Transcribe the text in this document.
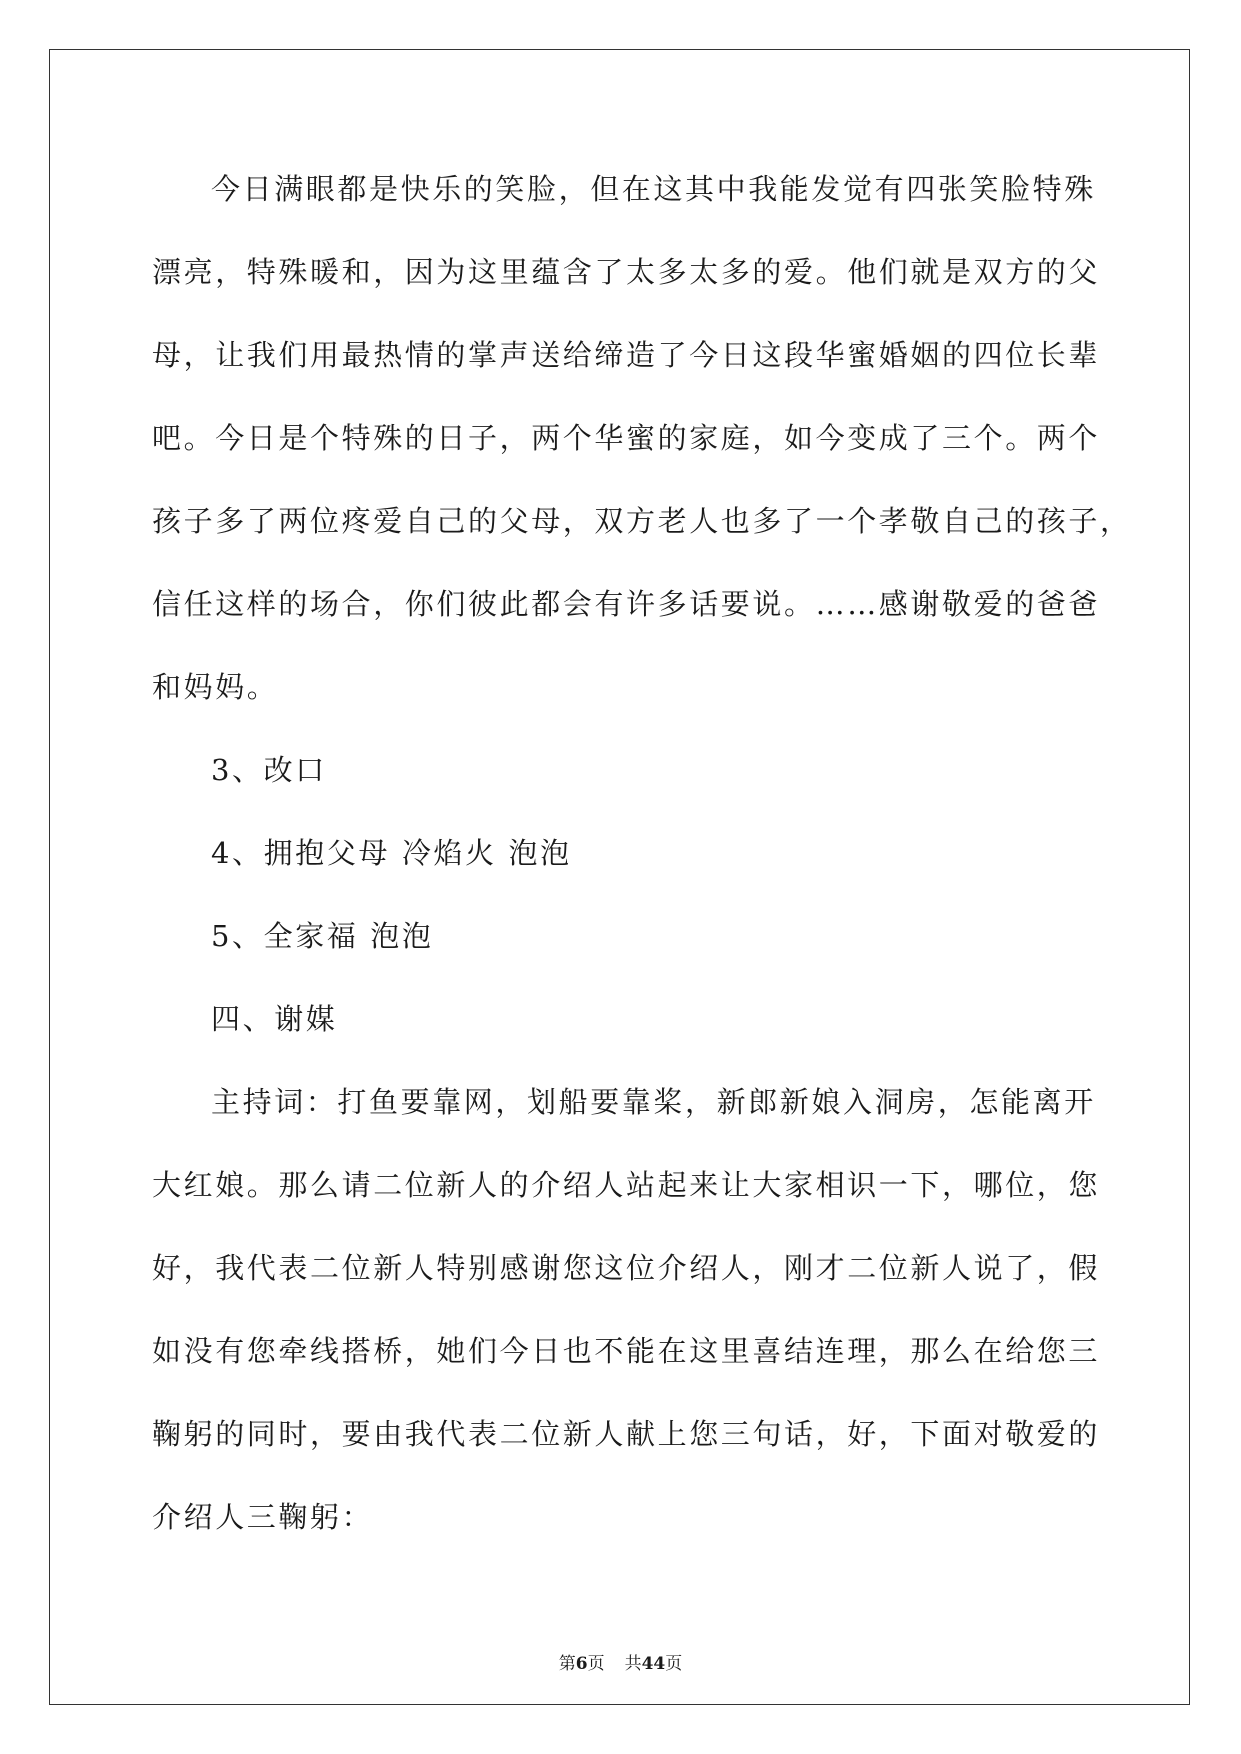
今日满眼都是快乐的笑脸，但在这其中我能发觉有四张笑脸特殊
漂亮，特殊暖和，因为这里蕴含了太多太多的爱。他们就是双方的父
母，让我们用最热情的掌声送给缔造了今日这段华蜜婚姻的四位长辈
吧。今日是个特殊的日子，两个华蜜的家庭，如今变成了三个。两个
孩子多了两位疼爱自己的父母，双方老人也多了一个孝敬自己的孩子，
信任这样的场合，你们彼此都会有许多话要说。……感谢敬爱的爸爸
和妈妈。
3、改口
4、拥抱父母 冷焰火 泡泡
5、全家福 泡泡
四、谢媒
主持词：打鱼要靠网，划船要靠桨，新郎新娘入洞房，怎能离开
大红娘。那么请二位新人的介绍人站起来让大家相识一下，哪位，您
好，我代表二位新人特别感谢您这位介绍人，刚才二位新人说了，假
如没有您牵线搭桥，她们今日也不能在这里喜结连理，那么在给您三
鞠躬的同时，要由我代表二位新人献上您三句话，好，下面对敬爱的
介绍人三鞠躬：
第6页 共44页
